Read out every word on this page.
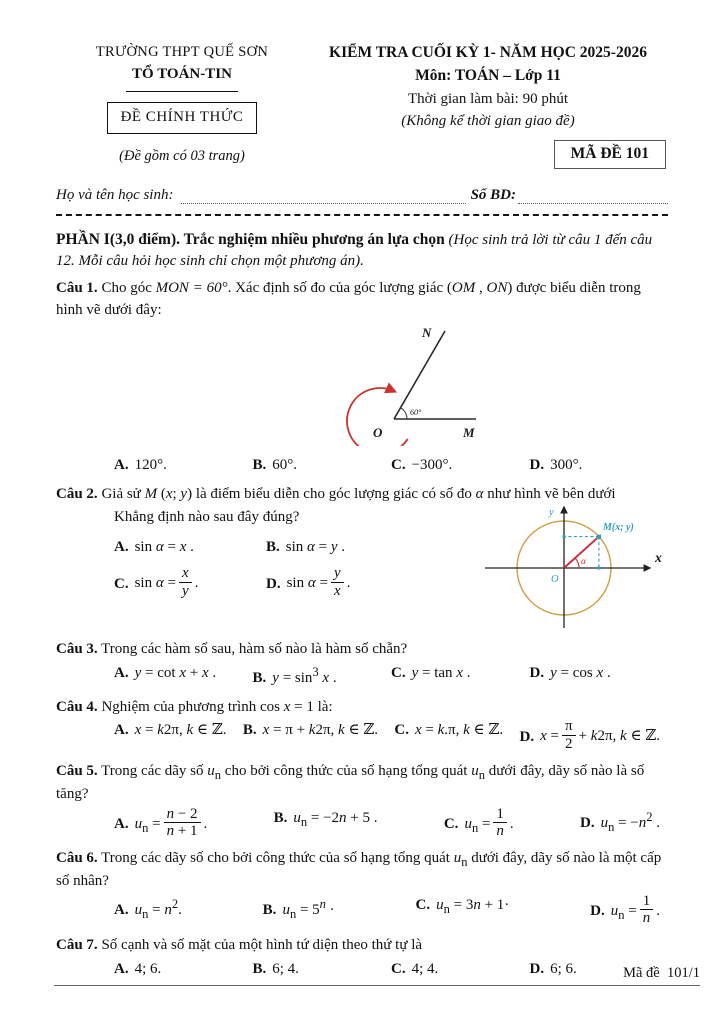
TRƯỜNG THPT QUẾ SƠN
TỔ TOÁN-TIN
ĐỀ CHÍNH THỨC
(Đề gồm có 03 trang)
KIỂM TRA CUỐI KỲ 1- NĂM HỌC 2025-2026
Môn: TOÁN – Lớp 11
Thời gian làm bài: 90 phút
(Không kể thời gian giao đề)
MÃ ĐỀ 101
Họ và tên học sinh:	Số BD:

PHẦN I(3,0 điểm). Trắc nghiệm nhiều phương án lựa chọn (Học sinh trả lời từ câu 1 đến câu 12. Mỗi câu hỏi học sinh chỉ chọn một phương án).

Câu 1. Cho góc MON = 60°. Xác định số đo của góc lượng giác (OM , ON) được biểu diễn trong hình vẽ dưới đây:

60°
N
M
O
A. 120°.	B. 60°.	C. −300°.	D. 300°.

Câu 2. Giả sử M (x; y) là điểm biểu diễn cho góc lượng giác có số đo α như hình vẽ bên dưới

Khẳng định nào sau đây đúng?
A. sin α = x .	B. sin α = y .
C. $\sin \alpha = \frac{x}{y}$ .	D. $\sin \alpha = \frac{y}{x}$ .
y
x
O
M(x; y)
α

Câu 3. Trong các hàm số sau, hàm số nào là hàm số chẵn?

A. y = cot x + x .	B. $y = \sin^3 x$ .	C. y = tan x .	D. y = cos x .

Câu 4. Nghiệm của phương trình cos x = 1 là:

A. x = k2π, k ∈ ℤ. B. x = π + k2π, k ∈ ℤ. C. x = k.π, k ∈ ℤ. D. $x = \frac{\pi}{2} + k2\pi$, k ∈ ℤ.

Câu 5. Trong các dãy số $u_n$ cho bởi công thức của số hạng tổng quát $u_n$ dưới đây, dãy số nào là số tăng?

A. $u_n = \frac{n - 2}{n + 1}$ .	B. $u_n = -2n + 5$ .	C. $u_n = \frac{1}{n}$ .	D. $u_n = -n^2$ .

Câu 6. Trong các dãy số cho bởi công thức của số hạng tổng quát $u_n$ dưới đây, dãy số nào là một cấp số nhân?

A. $u_n = n^2$.	B. $u_n = 5^n$ ·	C. $u_n = 3n + 1\cdot$	D. $u_n = \frac{1}{n}$ .

Câu 7. Số cạnh và số mặt của một hình tứ diện theo thứ tự là

A. 4; 6.	B. 6; 4.	C. 4; 4.	D. 6; 6.	Mã đề  101/1
